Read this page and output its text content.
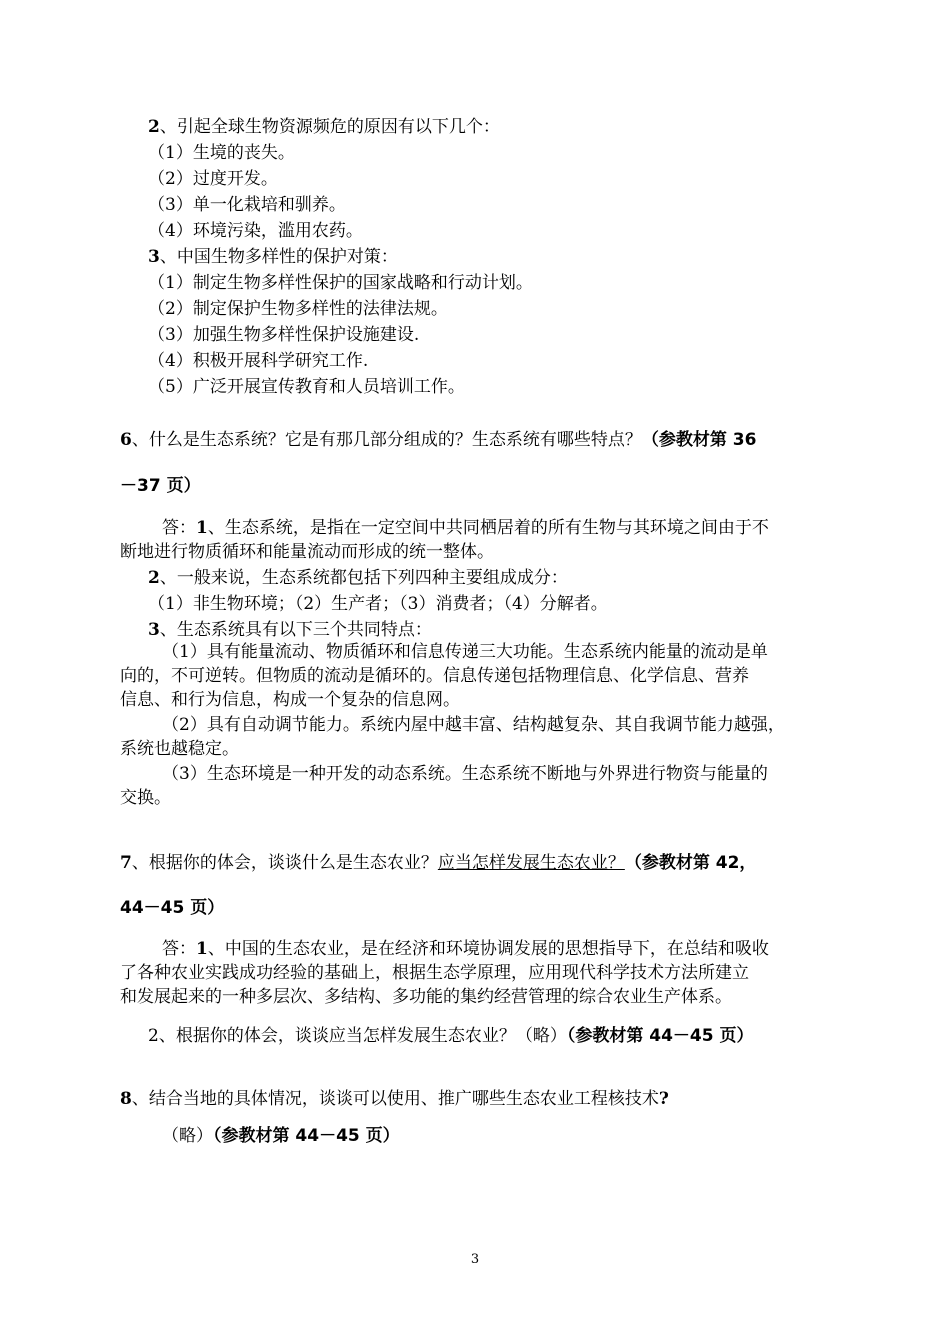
2、引起全球生物资源频危的原因有以下几个：
（1）生境的丧失。
（2）过度开发。
（3）单一化栽培和驯养。
（4）环境污染，滥用农药。
3、中国生物多样性的保护对策：
（1）制定生物多样性保护的国家战略和行动计划。
（2）制定保护生物多样性的法律法规。
（3）加强生物多样性保护设施建设.
（4）积极开展科学研究工作.
（5）广泛开展宣传教育和人员培训工作。
6、什么是生态系统？它是有那几部分组成的？生态系统有哪些特点？（参教材第 36
－37 页）
答：1、生态系统，是指在一定空间中共同栖居着的所有生物与其环境之间由于不
断地进行物质循环和能量流动而形成的统一整体。
2、一般来说，生态系统都包括下列四种主要组成成分：
（1）非生物环境；（2）生产者；（3）消费者；（4）分解者。
3、生态系统具有以下三个共同特点：
（1）具有能量流动、物质循环和信息传递三大功能。生态系统内能量的流动是单
向的，不可逆转。但物质的流动是循环的。信息传递包括物理信息、化学信息、营养
信息、和行为信息，构成一个复杂的信息网。
（2）具有自动调节能力。系统内屋中越丰富、结构越复杂、其自我调节能力越强，
系统也越稳定。
（3）生态环境是一种开发的动态系统。生态系统不断地与外界进行物资与能量的
交换。
7、根据你的体会，谈谈什么是生态农业？应当怎样发展生态农业？（参教材第 42，
44－45 页）
答：1、中国的生态农业，是在经济和环境协调发展的思想指导下，在总结和吸收
了各种农业实践成功经验的基础上，根据生态学原理，应用现代科学技术方法所建立
和发展起来的一种多层次、多结构、多功能的集约经营管理的综合农业生产体系。
2、根据你的体会，谈谈应当怎样发展生态农业？（略）（参教材第 44－45 页）
8、结合当地的具体情况，谈谈可以使用、推广哪些生态农业工程核技术?
（略）（参教材第 44－45 页）
3
